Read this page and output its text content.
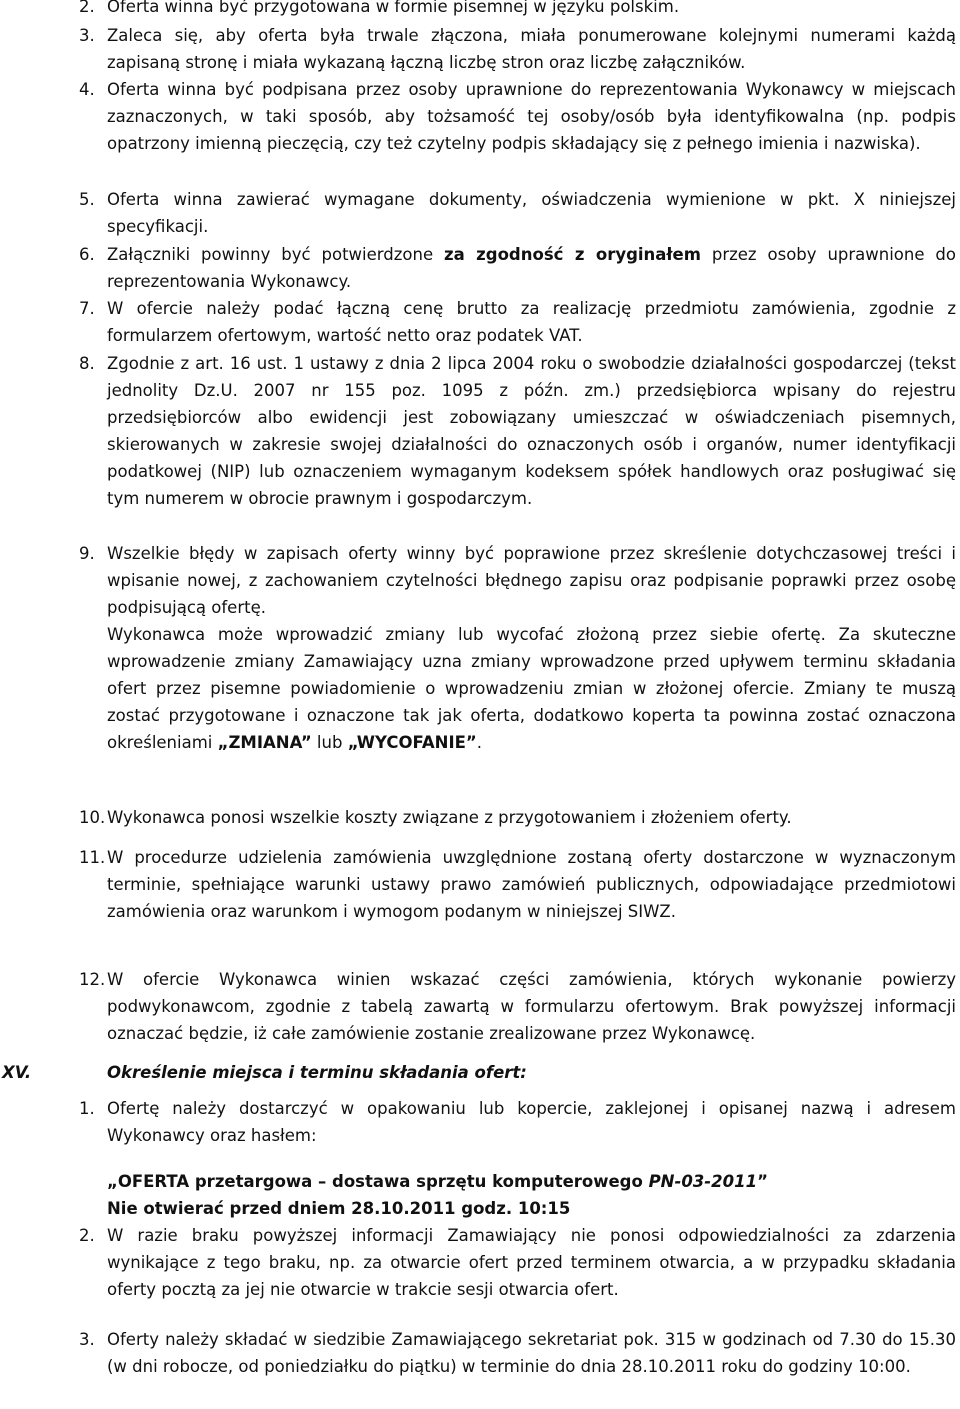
2. Oferta winna być przygotowana w formie pisemnej w języku polskim.
3. Zaleca się, aby oferta była trwale złączona, miała ponumerowane kolejnymi numerami każdą zapisaną stronę i miała wykazaną łączną liczbę stron oraz liczbę załączników.
4. Oferta winna być podpisana przez osoby uprawnione do reprezentowania Wykonawcy w miejscach zaznaczonych, w taki sposób, aby tożsamość tej osoby/osób była identyfikowalna (np. podpis opatrzony imienną pieczęcią, czy też czytelny podpis składający się z pełnego imienia i nazwiska).
5. Oferta winna zawierać wymagane dokumenty, oświadczenia wymienione w pkt. X niniejszej specyfikacji.
6. Załączniki powinny być potwierdzone za zgodność z oryginałem przez osoby uprawnione do reprezentowania Wykonawcy.
7. W ofercie należy podać łączną cenę brutto za realizację przedmiotu zamówienia, zgodnie z formularzem ofertowym, wartość netto oraz podatek VAT.
8. Zgodnie z art. 16 ust. 1 ustawy z dnia 2 lipca 2004 roku o swobodzie działalności gospodarczej (tekst jednolity Dz.U. 2007 nr 155 poz. 1095 z późn. zm.) przedsiębiorca wpisany do rejestru przedsiębiorców albo ewidencji jest zobowiązany umieszczać w oświadczeniach pisemnych, skierowanych w zakresie swojej działalności do oznaczonych osób i organów, numer identyfikacji podatkowej (NIP) lub oznaczeniem wymaganym kodeksem spółek handlowych oraz posługiwać się tym numerem w obrocie prawnym i gospodarczym.
9. Wszelkie błędy w zapisach oferty winny być poprawione przez skreślenie dotychczasowej treści i wpisanie nowej, z zachowaniem czytelności błędnego zapisu oraz podpisanie poprawki przez osobę podpisującą ofertę.

Wykonawca może wprowadzić zmiany lub wycofać złożoną przez siebie ofertę. Za skuteczne wprowadzenie zmiany Zamawiający uzna zmiany wprowadzone przed upływem terminu składania ofert przez pisemne powiadomienie o wprowadzeniu zmian w złożonej ofercie. Zmiany te muszą zostać przygotowane i oznaczone tak jak oferta, dodatkowo koperta ta powinna zostać oznaczona określeniami „ZMIANA” lub „WYCOFANIE”.

10. Wykonawca ponosi wszelkie koszty związane z przygotowaniem i złożeniem oferty.
11. W procedurze udzielenia zamówienia uwzględnione zostaną oferty dostarczone w wyznaczonym terminie, spełniające warunki ustawy prawo zamówień publicznych, odpowiadające przedmiotowi zamówienia oraz warunkom i wymogom podanym w niniejszej SIWZ.
12. W ofercie Wykonawca winien wskazać części zamówienia, których wykonanie powierzy podwykonawcom, zgodnie z tabelą zawartą w formularzu ofertowym. Brak powyższej informacji oznaczać będzie, iż całe zamówienie zostanie zrealizowane przez Wykonawcę.
XV.	Określenie miejsca i terminu składania ofert:
1. Ofertę należy dostarczyć w opakowaniu lub kopercie, zaklejonej i opisanej nazwą i adresem Wykonawcy oraz hasłem:
„OFERTA przetargowa – dostawa sprzętu komputerowego PN-03-2011”
Nie otwierać przed dniem 28.10.2011 godz. 10:15
2. W razie braku powyższej informacji Zamawiający nie ponosi odpowiedzialności za zdarzenia wynikające z tego braku, np. za otwarcie ofert przed terminem otwarcia, a w przypadku składania oferty pocztą za jej nie otwarcie w trakcie sesji otwarcia ofert.
3. Oferty należy składać w siedzibie Zamawiającego sekretariat pok. 315 w godzinach od 7.30 do 15.30 (w dni robocze, od poniedziałku do piątku) w terminie do dnia 28.10.2011 roku do godziny 10:00.
